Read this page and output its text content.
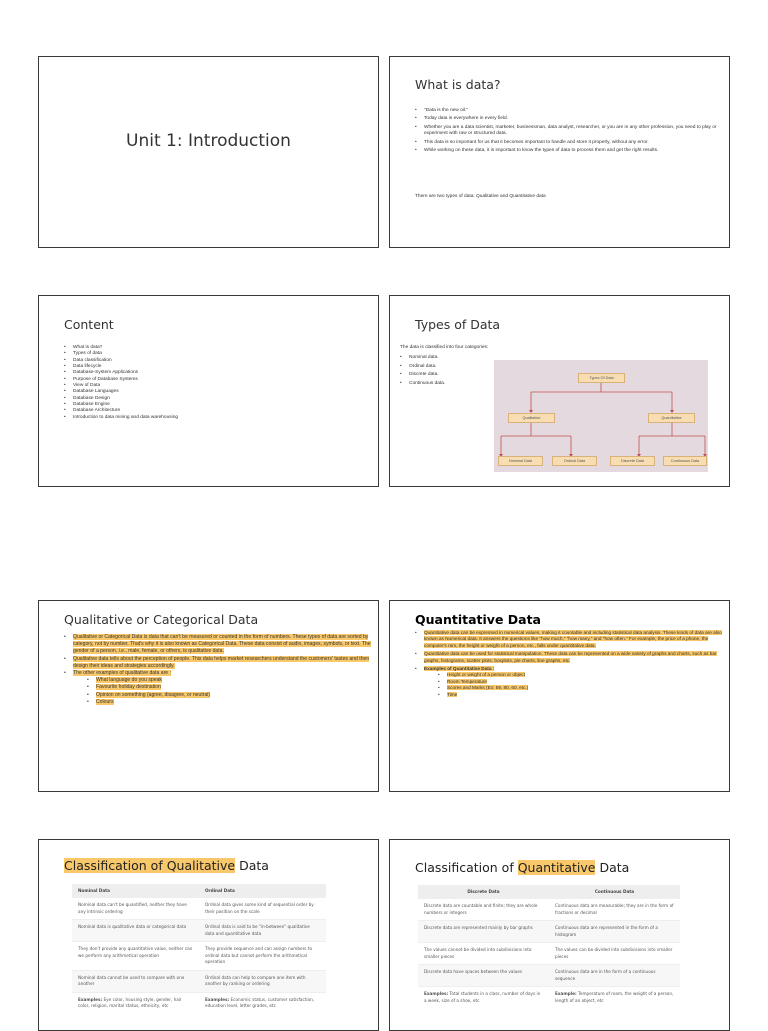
Unit 1: Introduction
What is data?
• "Data is the new oil."
• Today data is everywhere in every field.
• Whether you are a data scientist, marketer, businessman, data analyst, researcher, or you are in any other profession, you need to play or experiment with raw or structured data.
• This data is so important for us that it becomes important to handle and store it properly, without any error.
• While working on these data, it is important to know the types of data to process them and get the right results.
There are two types of data: Qualitative and Quantitative data
Content
• What is data?
• Types of data
• Data classification
• Data lifecycle
• Database-System Applications
• Purpose of Database Systems
• View of Data
• Database Languages
• Database Design
• Database Engine
• Database Architecture
• Introduction to data mining and data warehousing
Types of Data
The data is classified into four categories:
• Nominal data.
• Ordinal data.
• Discrete data.
• Continuous data.
Types Of Data
Qualitative	Quantitative
Nominal Data	Ordinal Data	Discrete Data	Continuous Data
Qualitative or Categorical Data
• Qualitative or Categorical Data is data that can't be measured or counted in the form of numbers. These types of data are sorted by category, not by number. That's why it is also known as Categorical Data. These data consist of audio, images, symbols, or text. The gender of a person, i.e., male, female, or others, is qualitative data.
• Qualitative data tells about the perception of people. This data helps market researchers understand the customers' tastes and then design their ideas and strategies accordingly.
• The other examples of qualitative data are :
• What language do you speak
• Favourite holiday destination
• Opinion on something (agree, disagree, or neutral)
• Colours
Quantitative Data
• Quantitative data can be expressed in numerical values, making it countable and including statistical data analysis. These kinds of data are also known as Numerical data. It answers the questions like "how much," "how many," and "how often." For example, the price of a phone, the computer's ram, the height or weight of a person, etc., falls under quantitative data.
• Quantitative data can be used for statistical manipulation. These data can be represented on a wide variety of graphs and charts, such as bar graphs, histograms, scatter plots, boxplots, pie charts, line graphs, etc.
• Examples of Quantitative Data :
• Height or weight of a person or object
• Room Temperature
• Scores and Marks (Ex: 59, 80, 60, etc.)
• Time
Classification of Qualitative Data
Nominal Data	Ordinal Data
Nominal data can't be quantified, neither they have any intrinsic ordering	Ordinal data gives some kind of sequential order by their position on the scale
Nominal data is qualitative data or categorical data	Ordinal data is said to be "in-between" qualitative data and quantitative data
They don't provide any quantitative value, neither can we perform any arithmetical operation	They provide sequence and can assign numbers to ordinal data but cannot perform the arithmetical operation
Nominal data cannot be used to compare with one another	Ordinal data can help to compare one item with another by ranking or ordering
Examples: Eye color, housing style, gender, hair color, religion, marital status, ethnicity, etc	Examples: Economic status, customer satisfaction, education level, letter grades, etc
Classification of Quantitative Data
Discrete Data	Continuous Data
Discrete data are countable and finite; they are whole numbers or integers	Continuous data are measurable; they are in the form of fractions or decimal
Discrete data are represented mainly by bar graphs	Continuous data are represented in the form of a histogram
The values cannot be divided into subdivisions into smaller pieces	The values can be divided into subdivisions into smaller pieces
Discrete data have spaces between the values	Continuous data are in the form of a continuous sequence
Examples: Total students in a class, number of days in a week, size of a shoe, etc	Example: Temperature of room, the weight of a person, length of an object, etc
